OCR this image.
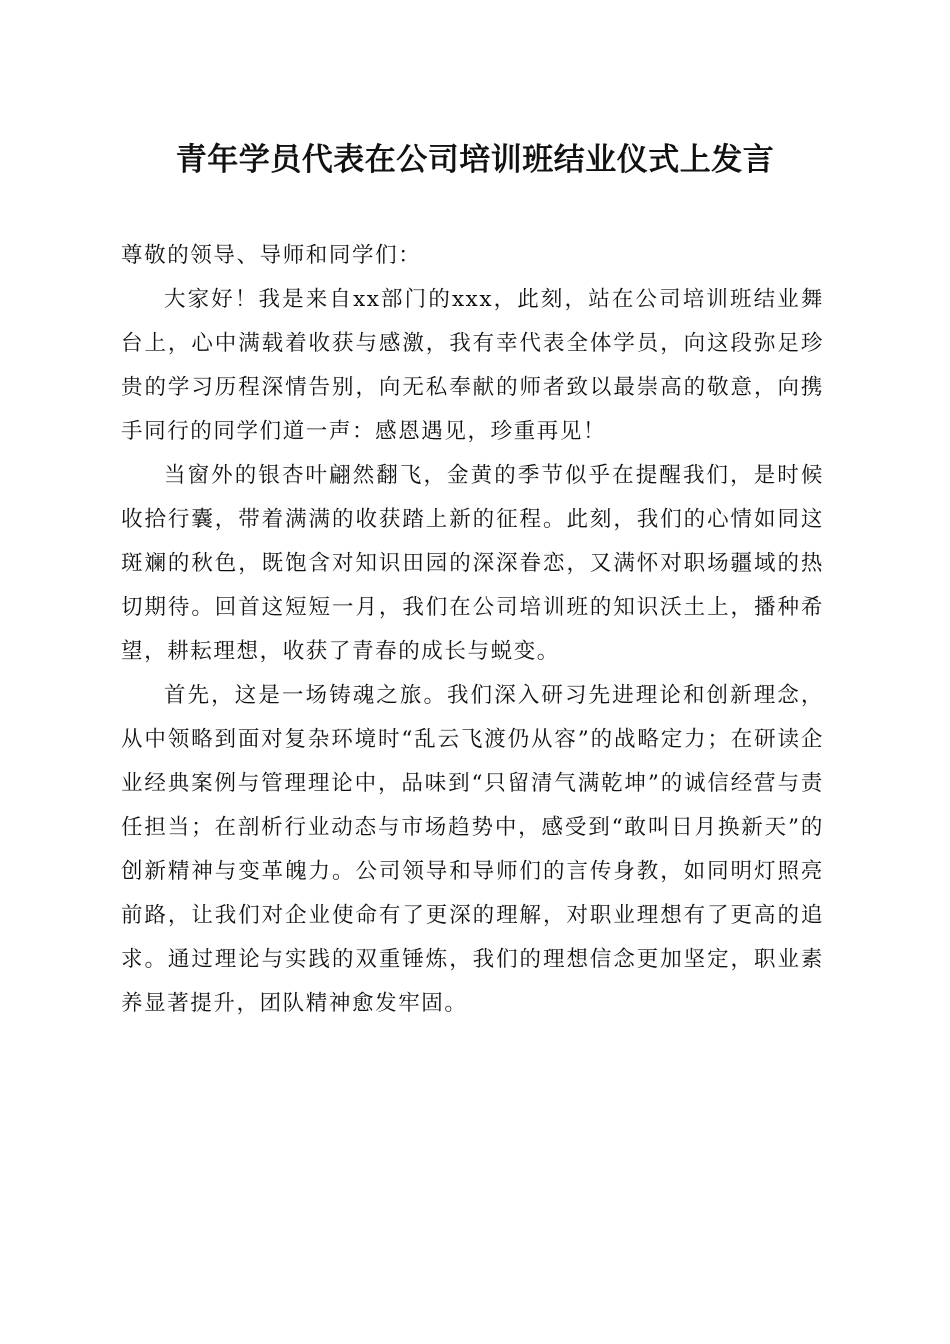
青年学员代表在公司培训班结业仪式上发言

尊敬的领导、导师和同学们：

大家好！我是来自xx部门的xxx，此刻，站在公司培训班结业舞台上，心中满载着收获与感激，我有幸代表全体学员，向这段弥足珍贵的学习历程深情告别，向无私奉献的师者致以最崇高的敬意，向携手同行的同学们道一声：感恩遇见，珍重再见！

当窗外的银杏叶翩然翻飞，金黄的季节似乎在提醒我们，是时候收拾行囊，带着满满的收获踏上新的征程。此刻，我们的心情如同这斑斓的秋色，既饱含对知识田园的深深眷恋，又满怀对职场疆域的热切期待。回首这短短一月，我们在公司培训班的知识沃土上，播种希望，耕耘理想，收获了青春的成长与蜕变。

首先，这是一场铸魂之旅。我们深入研习先进理论和创新理念，从中领略到面对复杂环境时“乱云飞渡仍从容”的战略定力；在研读企业经典案例与管理理论中，品味到“只留清气满乾坤”的诚信经营与责任担当；在剖析行业动态与市场趋势中，感受到“敢叫日月换新天”的创新精神与变革魄力。公司领导和导师们的言传身教，如同明灯照亮前路，让我们对企业使命有了更深的理解，对职业理想有了更高的追求。通过理论与实践的双重锤炼，我们的理想信念更加坚定，职业素养显著提升，团队精神愈发牢固。
